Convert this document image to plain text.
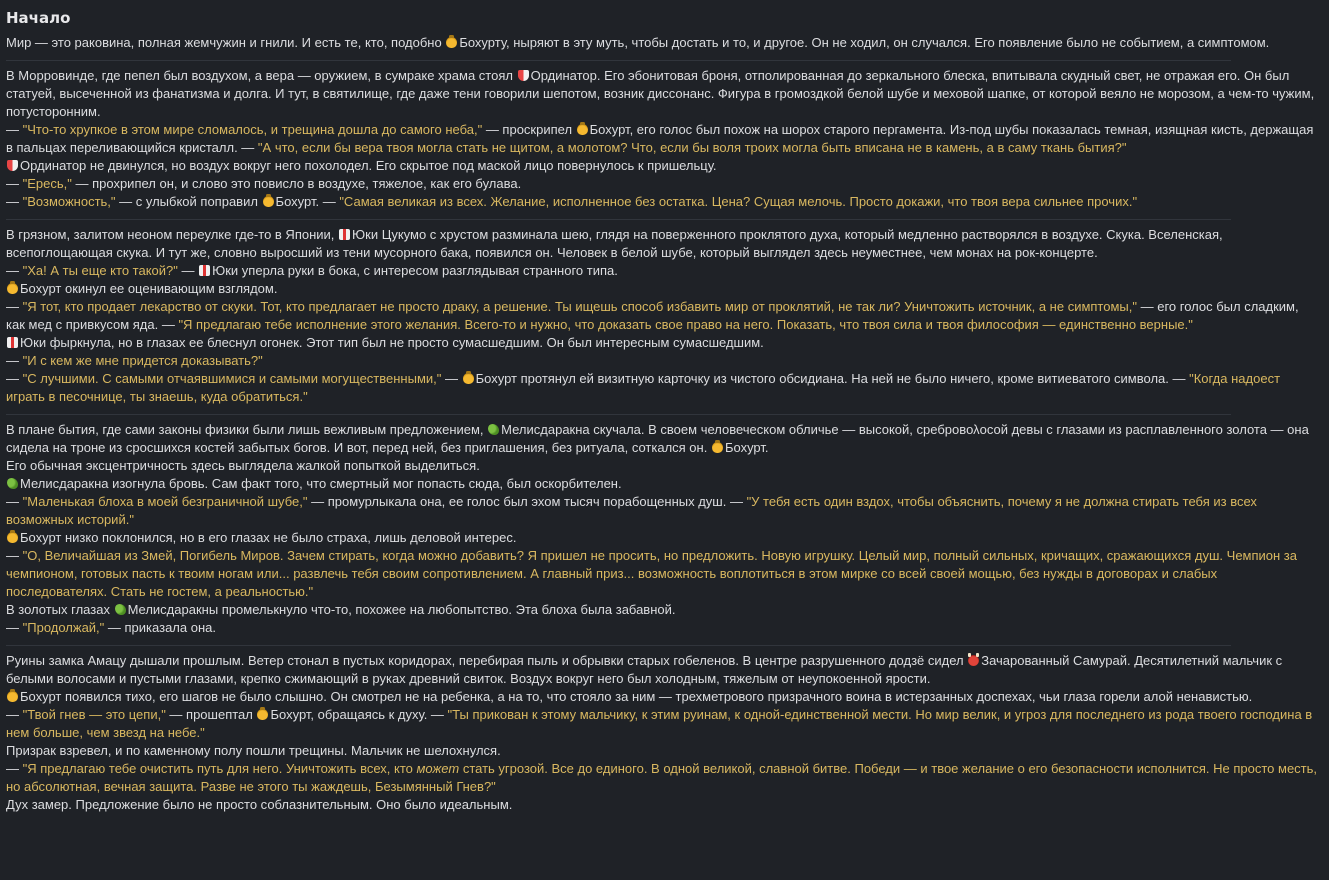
Начало

Мир — это раковина, полная жемчужин и гнили. И есть те, кто, подобно Бохурту, ныряют в эту муть, чтобы достать и то, и другое. Он не ходил, он случался. Его появление было не событием, а симптомом.

В Морровинде, где пепел был воздухом, а вера — оружием, в сумраке храма стоял Ординатор. Его эбонитовая броня, отполированная до зеркального блеска, впитывала скудный свет, не отражая его. Он был статуей, высеченной из фанатизма и долга. И тут, в святилище, где даже тени говорили шепотом, возник диссонанс. Фигура в громоздкой белой шубе и меховой шапке, от которой веяло не морозом, а чем-то чужим, потусторонним.

— "Что-то хрупкое в этом мире сломалось, и трещина дошла до самого неба," — проскрипел Бохурт, его голос был похож на шорох старого пергамента. Из-под шубы показалась темная, изящная кисть, держащая в пальцах переливающийся кристалл. — "А что, если бы вера твоя могла стать не щитом, а молотом? Что, если бы воля троих могла быть вписана не в камень, а в саму ткань бытия?"

Ординатор не двинулся, но воздух вокруг него похолодел. Его скрытое под маской лицо повернулось к пришельцу.

— "Ересь," — прохрипел он, и слово это повисло в воздухе, тяжелое, как его булава.

— "Возможность," — с улыбкой поправил Бохурт. — "Самая великая из всех. Желание, исполненное без остатка. Цена? Сущая мелочь. Просто докажи, что твоя вера сильнее прочих."

В грязном, залитом неоном переулке где-то в Японии, Юки Цукумо с хрустом разминала шею, глядя на поверженного проклятого духа, который медленно растворялся в воздухе. Скука. Вселенская, всепоглощающая скука. И тут же, словно выросший из тени мусорного бака, появился он. Человек в белой шубе, который выглядел здесь неуместнее, чем монах на рок-концерте.

— "Ха! А ты еще кто такой?" — Юки уперла руки в бока, с интересом разглядывая странного типа.

Бохурт окинул ее оценивающим взглядом.

— "Я тот, кто продает лекарство от скуки. Тот, кто предлагает не просто драку, а решение. Ты ищешь способ избавить мир от проклятий, не так ли? Уничтожить источник, а не симптомы," — его голос был сладким, как мед с привкусом яда. — "Я предлагаю тебе исполнение этого желания. Всего-то и нужно, что доказать свое право на него. Показать, что твоя сила и твоя философия — единственно верные."

Юки фыркнула, но в глазах ее блеснул огонек. Этот тип был не просто сумасшедшим. Он был интересным сумасшедшим.

— "И с кем же мне придется доказывать?"

— "С лучшими. С самыми отчаявшимися и самыми могущественными," — Бохурт протянул ей визитную карточку из чистого обсидиана. На ней не было ничего, кроме витиеватого символа. — "Когда надоест играть в песочнице, ты знаешь, куда обратиться."

В плане бытия, где сами законы физики были лишь вежливым предложением, Мелисдаракна скучала. В своем человеческом обличье — высокой, сребровολосой девы с глазами из расплавленного золота — она сидела на троне из сросшихся костей забытых богов. И вот, перед ней, без приглашения, без ритуала, соткался он. Бохурт.

Его обычная эксцентричность здесь выглядела жалкой попыткой выделиться.

Мелисдаракна изогнула бровь. Сам факт того, что смертный мог попасть сюда, был оскорбителен.

— "Маленькая блоха в моей безграничной шубе," — промурлыкала она, ее голос был эхом тысяч порабощенных душ. — "У тебя есть один вздох, чтобы объяснить, почему я не должна стирать тебя из всех возможных историй."

Бохурт низко поклонился, но в его глазах не было страха, лишь деловой интерес.

— "О, Величайшая из Змей, Погибель Миров. Зачем стирать, когда можно добавить? Я пришел не просить, но предложить. Новую игрушку. Целый мир, полный сильных, кричащих, сражающихся душ. Чемпион за чемпионом, готовых пасть к твоим ногам или... развлечь тебя своим сопротивлением. А главный приз... возможность воплотиться в этом мирке со всей своей мощью, без нужды в договорах и слабых последователях. Стать не гостем, а реальностью."

В золотых глазах Мелисдаракны промелькнуло что-то, похожее на любопытство. Эта блоха была забавной.

— "Продолжай," — приказала она.

Руины замка Амацу дышали прошлым. Ветер стонал в пустых коридорах, перебирая пыль и обрывки старых гобеленов. В центре разрушенного додзё сидел Зачарованный Самурай. Десятилетний мальчик с белыми волосами и пустыми глазами, крепко сжимающий в руках древний свиток. Воздух вокруг него был холодным, тяжелым от неупокоенной ярости.

Бохурт появился тихо, его шагов не было слышно. Он смотрел не на ребенка, а на то, что стояло за ним — трехметрового призрачного воина в истерзанных доспехах, чьи глаза горели алой ненавистью.

— "Твой гнев — это цепи," — прошептал Бохурт, обращаясь к духу. — "Ты прикован к этому мальчику, к этим руинам, к одной-единственной мести. Но мир велик, и угроз для последнего из рода твоего господина в нем больше, чем звезд на небе."

Призрак взревел, и по каменному полу пошли трещины. Мальчик не шелохнулся.

— "Я предлагаю тебе очистить путь для него. Уничтожить всех, кто может стать угрозой. Все до единого. В одной великой, славной битве. Победи — и твое желание о его безопасности исполнится. Не просто месть, но абсолютная, вечная защита. Разве не этого ты жаждешь, Безымянный Гнев?"

Дух замер. Предложение было не просто соблазнительным. Оно было идеальным.
